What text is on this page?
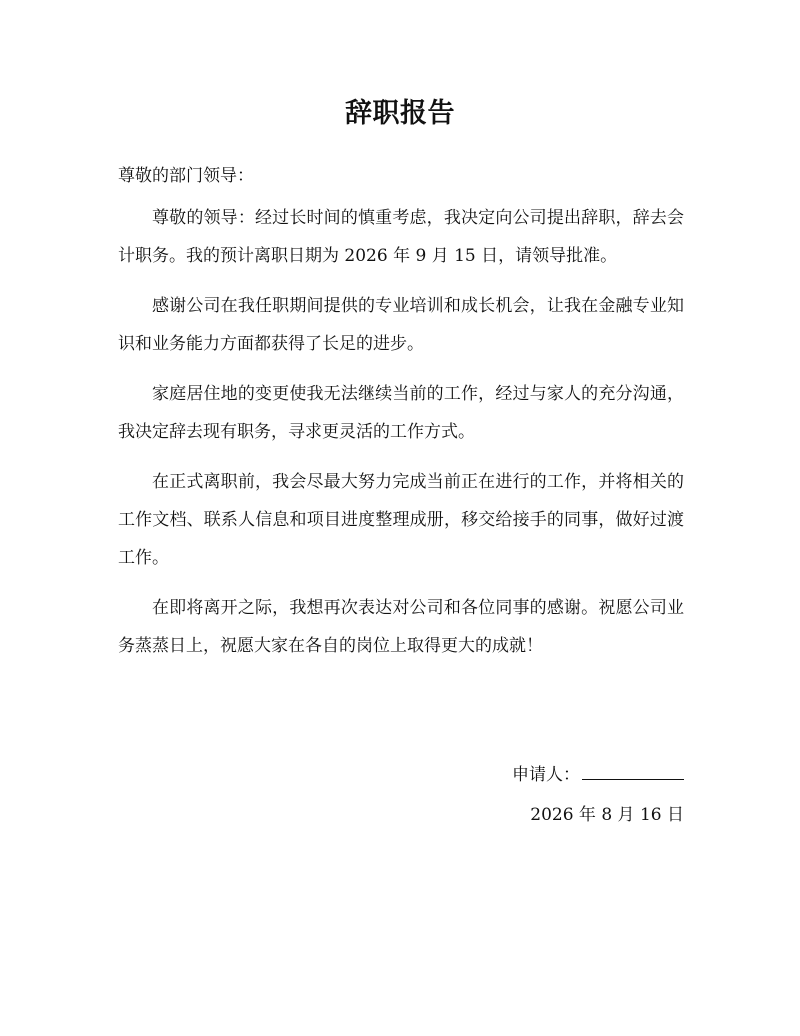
辞职报告
尊敬的部门领导：

尊敬的领导：经过长时间的慎重考虑，我决定向公司提出辞职，辞去会计职务。我的预计离职日期为 2026 年 9 月 15 日，请领导批准。

感谢公司在我任职期间提供的专业培训和成长机会，让我在金融专业知识和业务能力方面都获得了长足的进步。

家庭居住地的变更使我无法继续当前的工作，经过与家人的充分沟通，我决定辞去现有职务，寻求更灵活的工作方式。

在正式离职前，我会尽最大努力完成当前正在进行的工作，并将相关的工作文档、联系人信息和项目进度整理成册，移交给接手的同事，做好过渡工作。

在即将离开之际，我想再次表达对公司和各位同事的感谢。祝愿公司业务蒸蒸日上，祝愿大家在各自的岗位上取得更大的成就！

申请人：
2026 年 8 月 16 日
